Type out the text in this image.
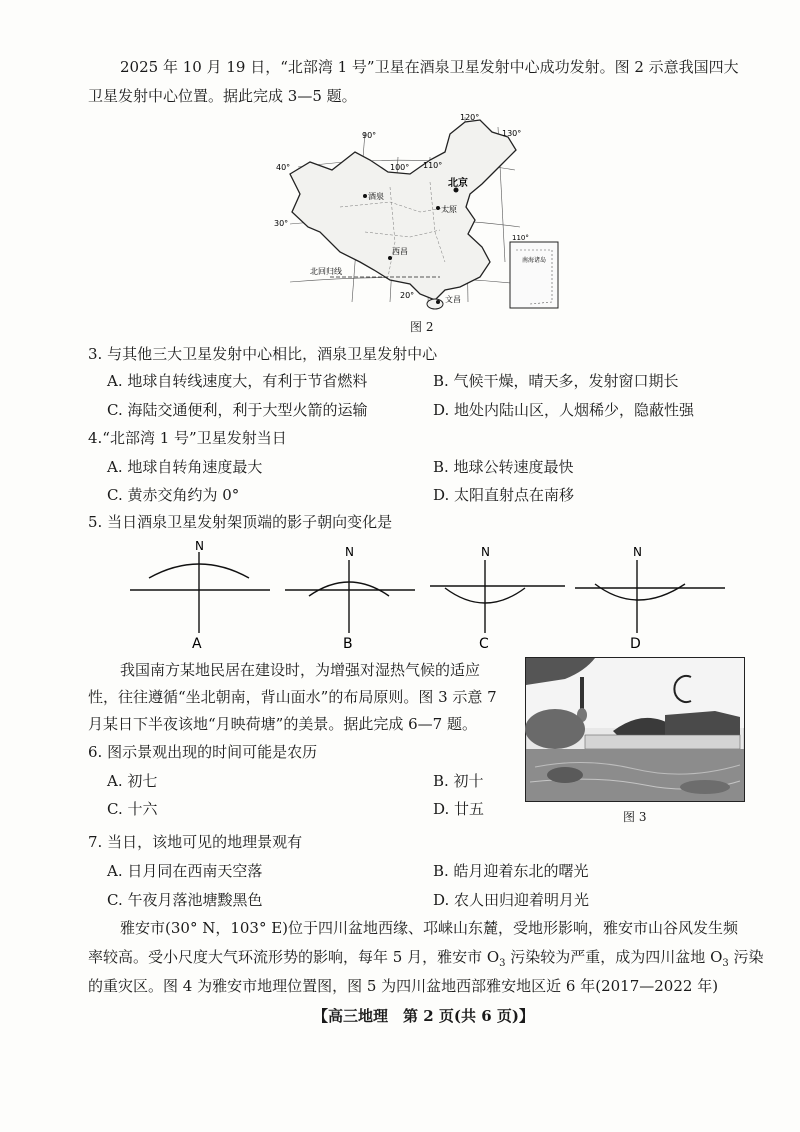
2025 年 10 月 19 日，“北部湾 1 号”卫星在酒泉卫星发射中心成功发射。图 2 示意我国四大
卫星发射中心位置。据此完成 3—5 题。
90°
100° 110°
120°
130°
40°
30°
20°
北回归线
北京
酒泉
太原
西昌
文昌
110°
南海诸岛
图 2
3. 与其他三大卫星发射中心相比，酒泉卫星发射中心
A. 地球自转线速度大，有利于节省燃料	B. 气候干燥，晴天多，发射窗口期长
C. 海陆交通便利，利于大型火箭的运输	D. 地处内陆山区，人烟稀少，隐蔽性强
4.“北部湾 1 号”卫星发射当日
A. 地球自转角速度最大	B. 地球公转速度最快
C. 黄赤交角约为 0°	D. 太阳直射点在南移
5. 当日酒泉卫星发射架顶端的影子朝向变化是
N	N	N	N
A	B	C	D
我国南方某地民居在建设时，为增强对湿热气候的适应
性，往往遵循“坐北朝南，背山面水”的布局原则。图 3 示意 7
月某日下半夜该地“月映荷塘”的美景。据此完成 6—7 题。
图 3
6. 图示景观出现的时间可能是农历
A. 初七	B. 初十
C. 十六	D. 廿五
7. 当日，该地可见的地理景观有
A. 日月同在西南天空落	B. 皓月迎着东北的曙光
C. 午夜月落池塘黢黑色	D. 农人田归迎着明月光
雅安市(30° N，103° E)位于四川盆地西缘、邛崃山东麓，受地形影响，雅安市山谷风发生频
率较高。受小尺度大气环流形势的影响，每年 5 月，雅安市 $O_3$ 污染较为严重，成为四川盆地 $O_3$ 污染
的重灾区。图 4 为雅安市地理位置图，图 5 为四川盆地西部雅安地区近 6 年(2017—2022 年)
【高三地理　第 2 页(共 6 页)】
